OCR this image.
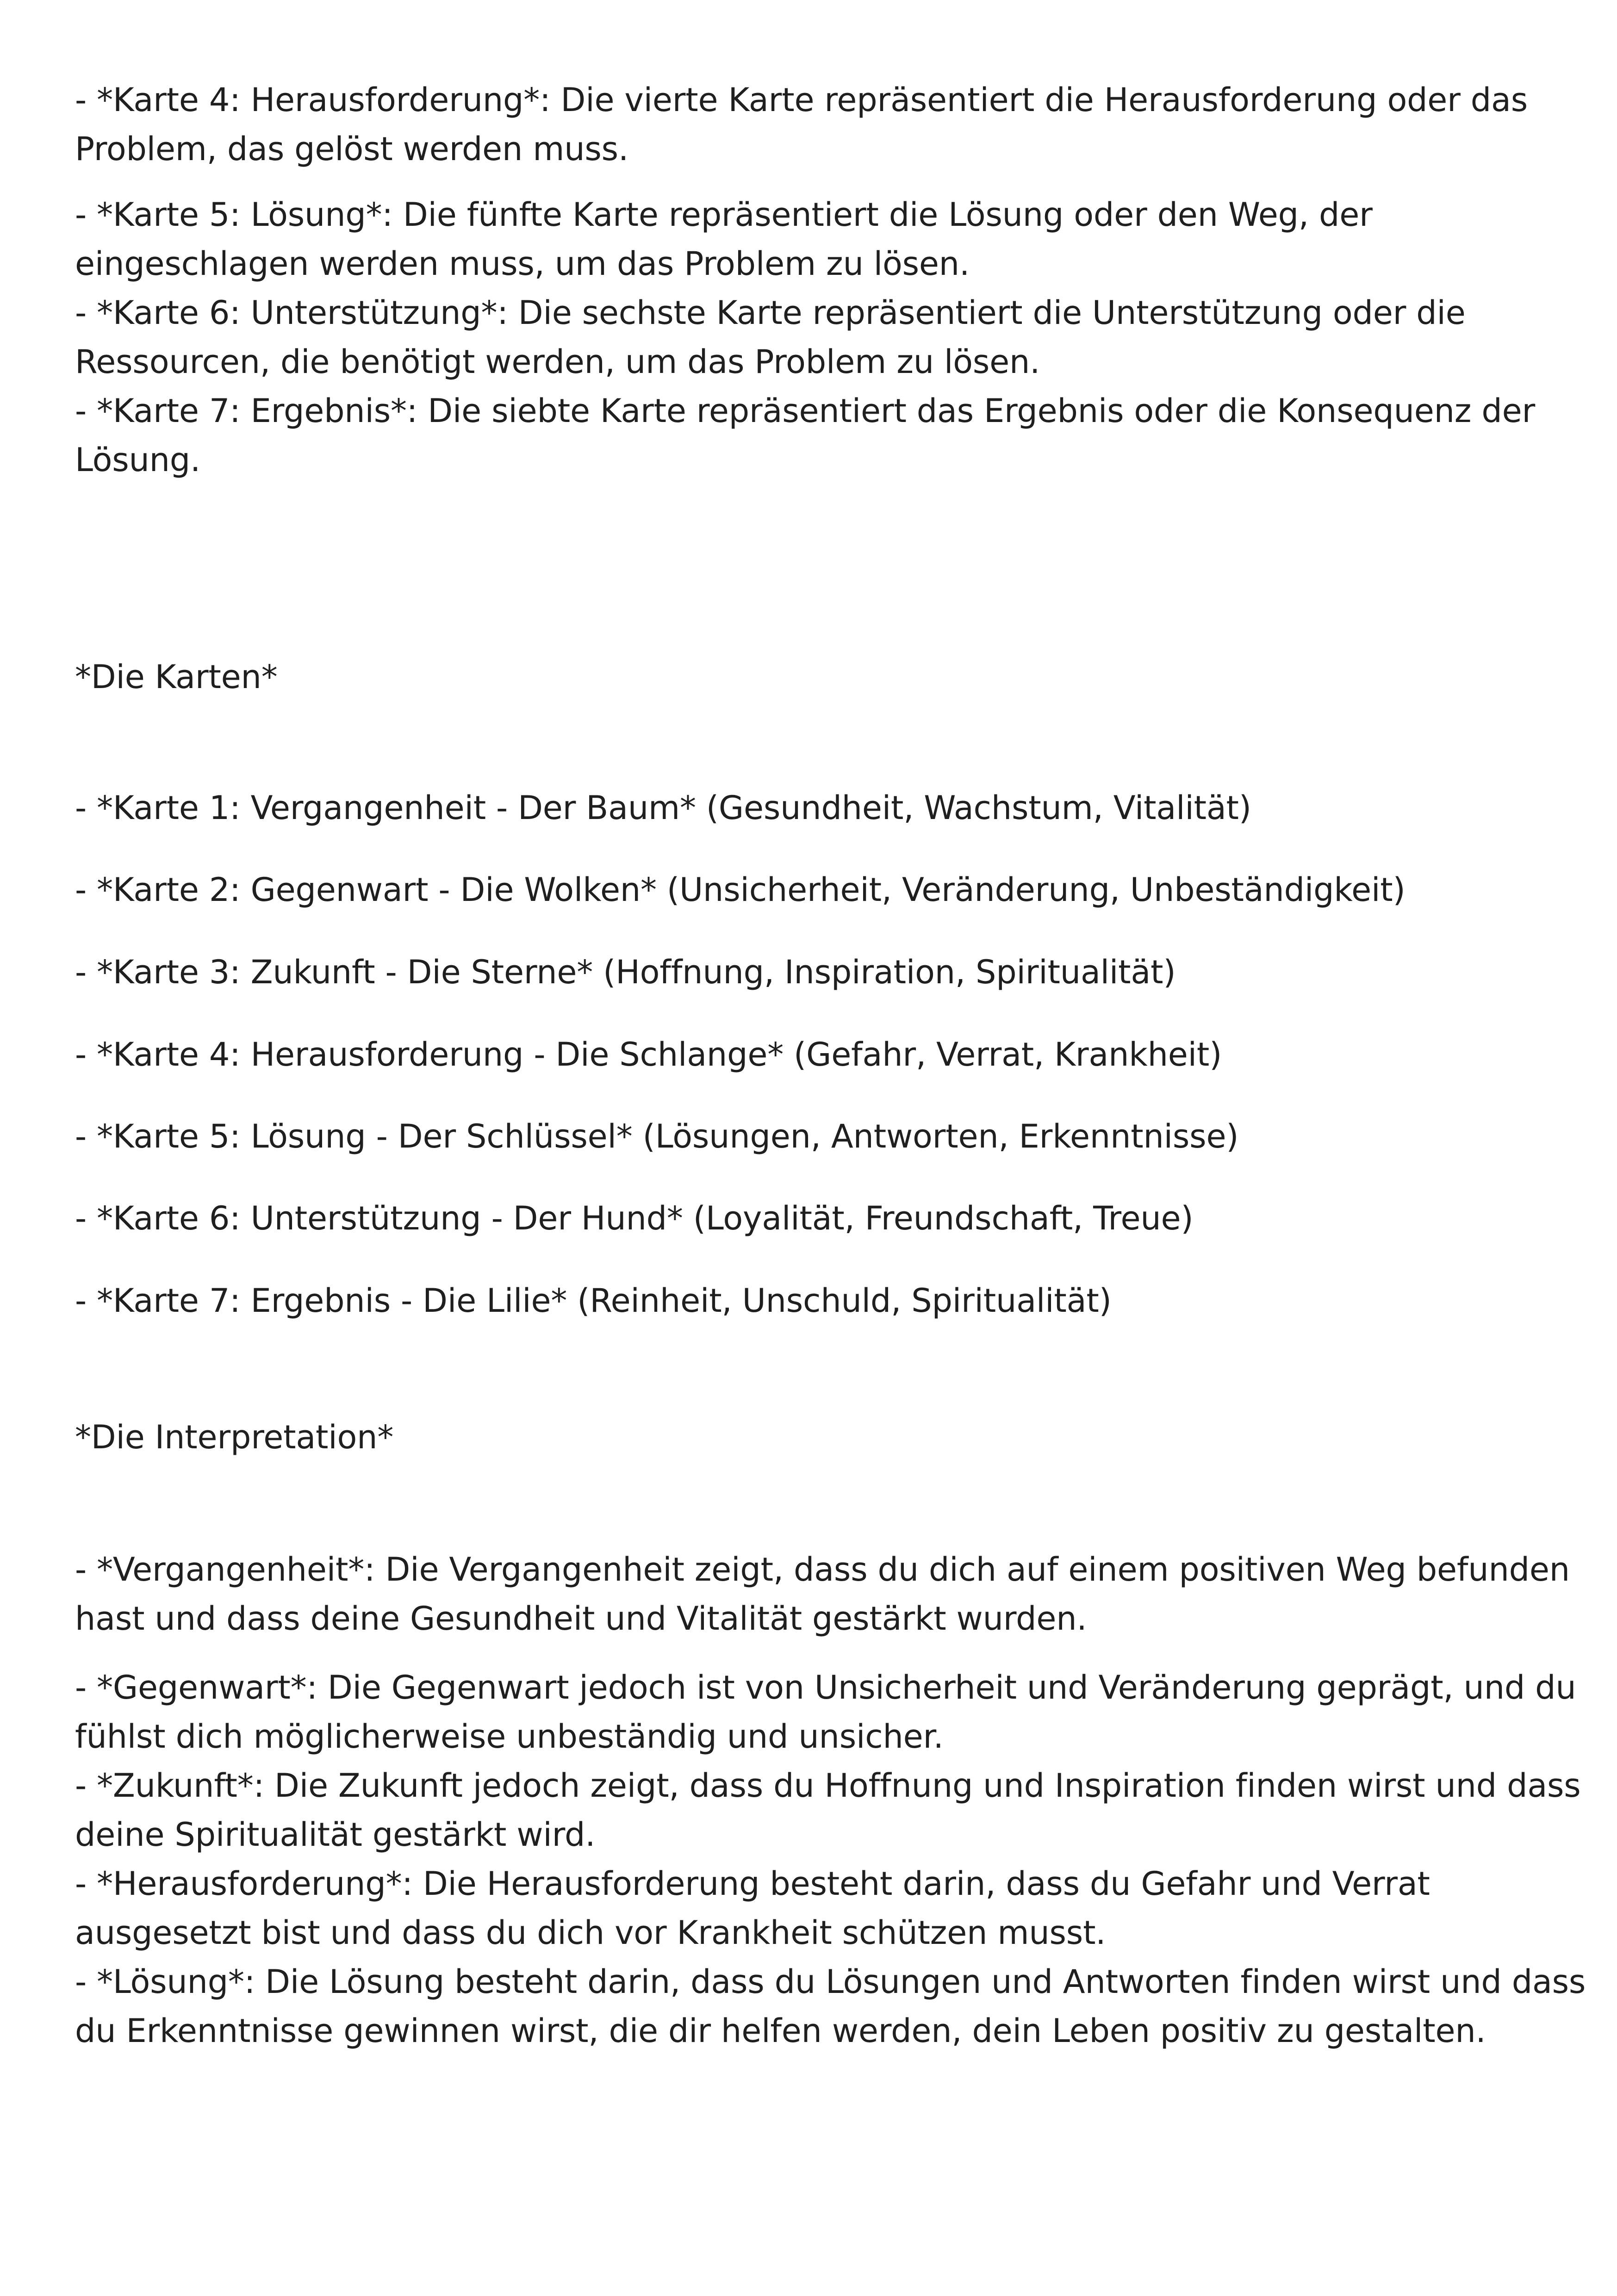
- *Karte 4: Herausforderung*: Die vierte Karte repräsentiert die Herausforderung oder das
Problem, das gelöst werden muss.
- *Karte 5: Lösung*: Die fünfte Karte repräsentiert die Lösung oder den Weg, der
eingeschlagen werden muss, um das Problem zu lösen.
- *Karte 6: Unterstützung*: Die sechste Karte repräsentiert die Unterstützung oder die
Ressourcen, die benötigt werden, um das Problem zu lösen.
- *Karte 7: Ergebnis*: Die siebte Karte repräsentiert das Ergebnis oder die Konsequenz der
Lösung.
*Die Karten*
- *Karte 1: Vergangenheit - Der Baum* (Gesundheit, Wachstum, Vitalität)
- *Karte 2: Gegenwart - Die Wolken* (Unsicherheit, Veränderung, Unbeständigkeit)
- *Karte 3: Zukunft - Die Sterne* (Hoffnung, Inspiration, Spiritualität)
- *Karte 4: Herausforderung - Die Schlange* (Gefahr, Verrat, Krankheit)
- *Karte 5: Lösung - Der Schlüssel* (Lösungen, Antworten, Erkenntnisse)
- *Karte 6: Unterstützung - Der Hund* (Loyalität, Freundschaft, Treue)
- *Karte 7: Ergebnis - Die Lilie* (Reinheit, Unschuld, Spiritualität)
*Die Interpretation*
- *Vergangenheit*: Die Vergangenheit zeigt, dass du dich auf einem positiven Weg befunden
hast und dass deine Gesundheit und Vitalität gestärkt wurden.
- *Gegenwart*: Die Gegenwart jedoch ist von Unsicherheit und Veränderung geprägt, und du
fühlst dich möglicherweise unbeständig und unsicher.
- *Zukunft*: Die Zukunft jedoch zeigt, dass du Hoffnung und Inspiration finden wirst und dass
deine Spiritualität gestärkt wird.
- *Herausforderung*: Die Herausforderung besteht darin, dass du Gefahr und Verrat
ausgesetzt bist und dass du dich vor Krankheit schützen musst.
- *Lösung*: Die Lösung besteht darin, dass du Lösungen und Antworten finden wirst und dass
du Erkenntnisse gewinnen wirst, die dir helfen werden, dein Leben positiv zu gestalten.
